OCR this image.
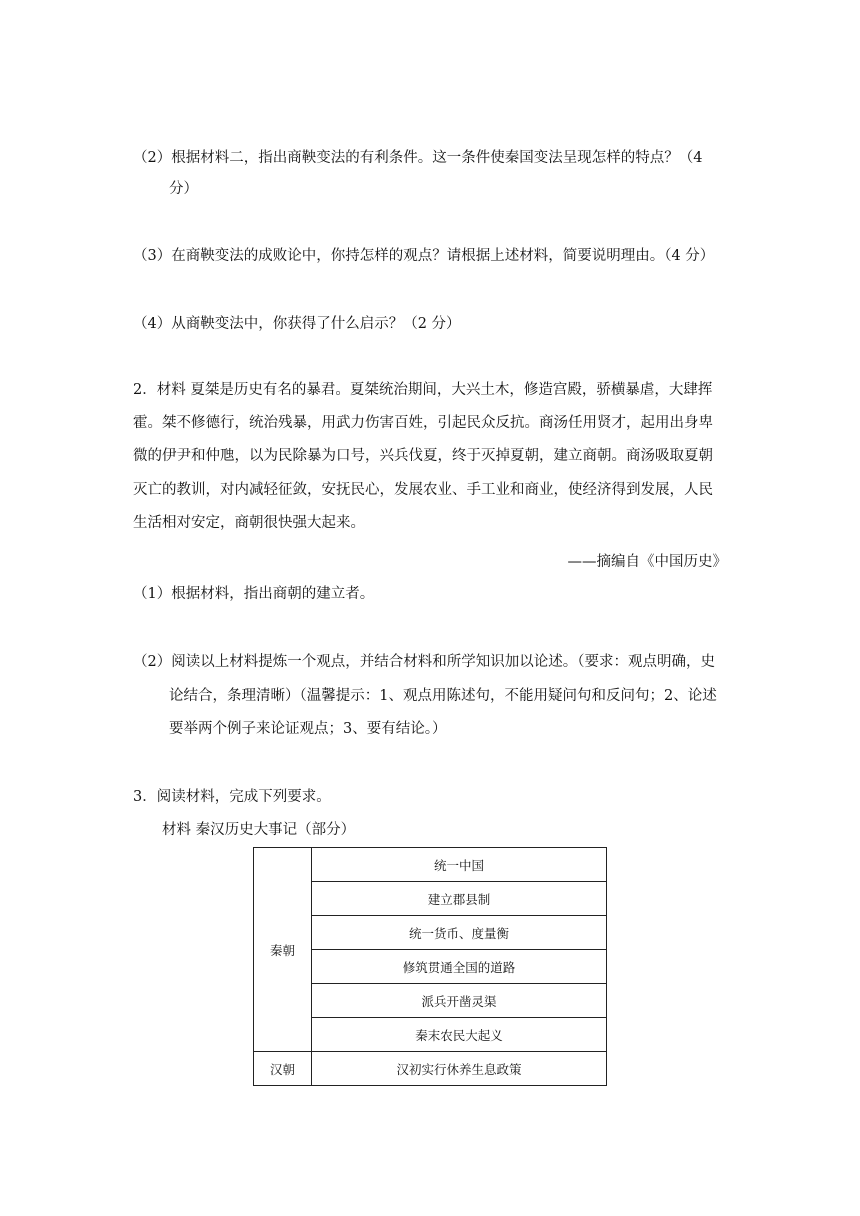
（2）根据材料二，指出商鞅变法的有利条件。这一条件使秦国变法呈现怎样的特点？（4
分）
（3）在商鞅变法的成败论中，你持怎样的观点？请根据上述材料，简要说明理由。（4 分）
（4）从商鞅变法中，你获得了什么启示？（2 分）
2．材料 夏桀是历史有名的暴君。夏桀统治期间，大兴土木，修造宫殿，骄横暴虐，大肆挥
霍。桀不修德行，统治残暴，用武力伤害百姓，引起民众反抗。商汤任用贤才，起用出身卑
微的伊尹和仲虺，以为民除暴为口号，兴兵伐夏，终于灭掉夏朝，建立商朝。商汤吸取夏朝
灭亡的教训，对内减轻征敛，安抚民心，发展农业、手工业和商业，使经济得到发展，人民
生活相对安定，商朝很快强大起来。
——摘编自《中国历史》
（1）根据材料，指出商朝的建立者。
（2）阅读以上材料提炼一个观点，并结合材料和所学知识加以论述。（要求：观点明确，史
论结合，条理清晰）（温馨提示：1、观点用陈述句，不能用疑问句和反问句；2、论述
要举两个例子来论证观点；3、要有结论。）
3．阅读材料，完成下列要求。
材料 秦汉历史大事记（部分）
秦朝	统一中国
	建立郡县制
	统一货币、度量衡
	修筑贯通全国的道路
	派兵开凿灵渠
	秦末农民大起义
汉朝	汉初实行休养生息政策
